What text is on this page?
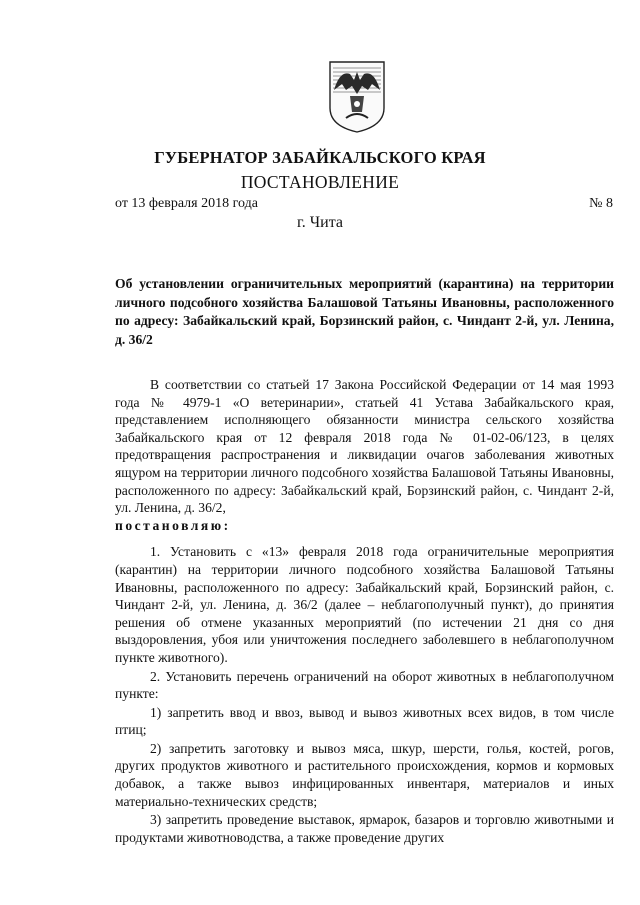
ГУБЕРНАТОР ЗАБАЙКАЛЬСКОГО КРАЯ
ПОСТАНОВЛЕНИЕ
от 13 февраля 2018 года	№ 8
г. Чита

Об установлении ограничительных мероприятий (карантина) на территории личного подсобного хозяйства Балашовой Татьяны Ивановны, расположенного по адресу: Забайкальский край, Борзинский район, с. Чиндант 2-й, ул. Ленина, д. 36/2

В соответствии со статьей 17 Закона Российской Федерации от 14 мая 1993 года № 4979-1 «О ветеринарии», статьей 41 Устава Забайкальского края, представлением исполняющего обязанности министра сельского хозяйства Забайкальского края от 12 февраля 2018 года № 01-02-06/123, в целях предотвращения распространения и ликвидации очагов заболевания животных ящуром на территории личного подсобного хозяйства Балашовой Татьяны Ивановны, расположенного по адресу: Забайкальский край, Борзинский район, с. Чиндант 2-й, ул. Ленина, д. 36/2,
постановляю:

1. Установить с «13» февраля 2018 года ограничительные мероприятия (карантин) на территории личного подсобного хозяйства Балашовой Татьяны Ивановны, расположенного по адресу: Забайкальский край, Борзинский район, с. Чиндант 2-й, ул. Ленина, д. 36/2 (далее – неблагополучный пункт), до принятия решения об отмене указанных мероприятий (по истечении 21 дня со дня выздоровления, убоя или уничтожения последнего заболевшего в неблагополучном пункте животного).

2. Установить перечень ограничений на оборот животных в неблагополучном пункте:

1) запретить ввод и ввоз, вывод и вывоз животных всех видов, в том числе птиц;

2) запретить заготовку и вывоз мяса, шкур, шерсти, голья, костей, рогов, других продуктов животного и растительного происхождения, кормов и кормовых добавок, а также вывоз инфицированных инвентаря, материалов и иных материально-технических средств;

3) запретить проведение выставок, ярмарок, базаров и торговлю животными и продуктами животноводства, а также проведение других
